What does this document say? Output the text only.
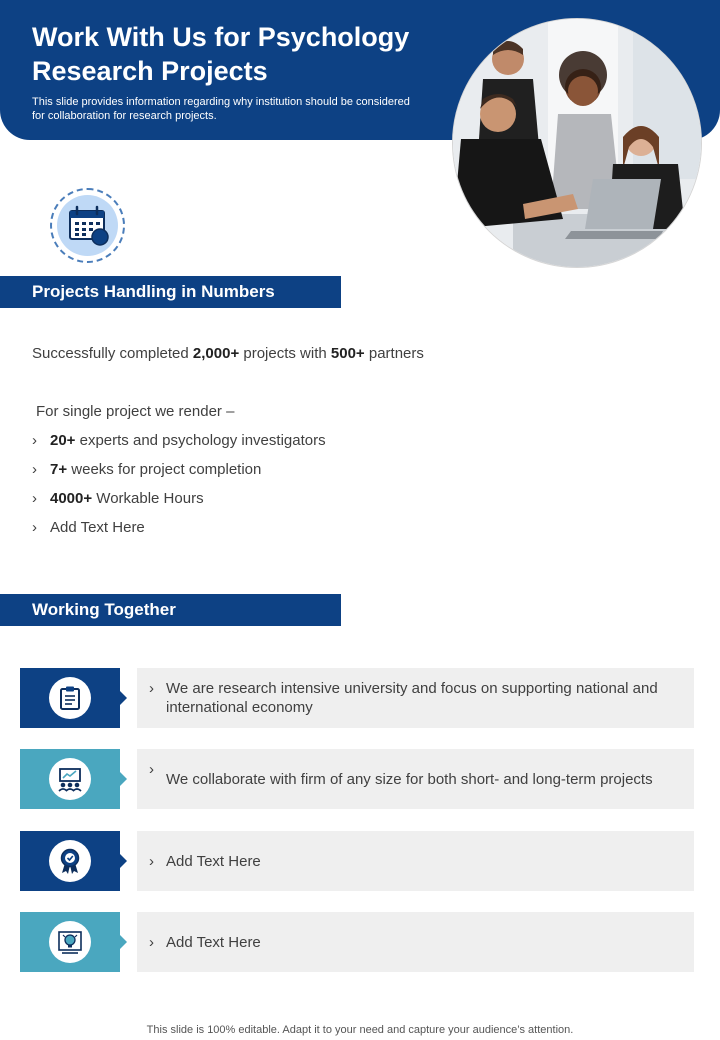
Work With Us for Psychology Research Projects
This slide provides information regarding why institution should be considered for collaboration for research projects.
Projects Handling in Numbers
Successfully completed 2,000+ projects with 500+ partners
For single project we render –
› 20+ experts and psychology investigators
› 7+ weeks for project completion
› 4000+ Workable Hours
› Add Text Here
Working Together
› We are research intensive university and focus on supporting national and international economy
›
We collaborate with firm of any size for both short- and long-term projects
› Add Text Here
› Add Text Here
This slide is 100% editable. Adapt it to your need and capture your audience’s attention.
